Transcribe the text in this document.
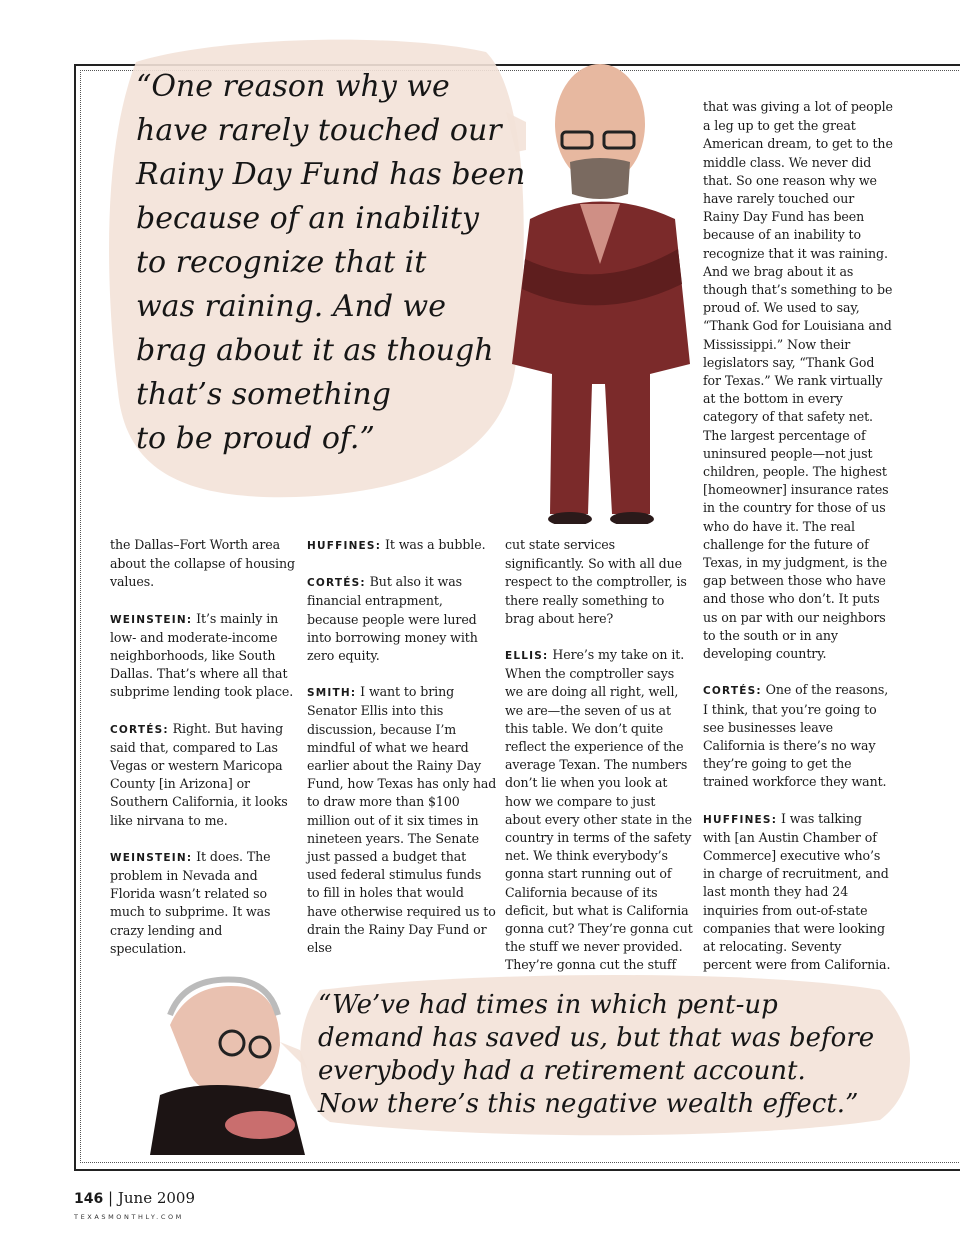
“One reason why we
have rarely touched our
Rainy Day Fund has been
because of an inability
to recognize that it
was raining. And we
brag about it as though
that’s something
to be proud of.”

the Dallas–Fort Worth area about the collapse of housing values.

WEINSTEIN: It’s mainly in low- and moderate-income neighborhoods, like South Dallas. That’s where all that subprime lending took place.

CORTÉS: Right. But having said that, compared to Las Vegas or western Maricopa County [in Arizona] or Southern California, it looks like nirvana to me.

WEINSTEIN: It does. The problem in Nevada and Florida wasn’t related so much to subprime. It was crazy lending and speculation.

HUFFINES: It was a bubble.

CORTÉS: But also it was financial entrapment, because people were lured into borrowing money with zero equity.

SMITH: I want to bring Senator Ellis into this discussion, because I’m mindful of what we heard earlier about the Rainy Day Fund, how Texas has only had to draw more than $100 million out of it six times in nineteen years. The Senate just passed a budget that used federal stimulus funds to fill in holes that would have otherwise required us to drain the Rainy Day Fund or else

cut state services significantly. So with all due respect to the comptroller, is there really something to brag about here?

ELLIS: Here’s my take on it. When the comptroller says we are doing all right, well, we are—the seven of us at this table. We don’t quite reflect the experience of the average Texan. The numbers don’t lie when you look at how we compare to just about every other state in the country in terms of the safety net. We think everybody’s gonna start running out of California because of its deficit, but what is California gonna cut? They’re gonna cut the stuff we never provided. They’re gonna cut the stuff

that was giving a lot of people a leg up to get the great American dream, to get to the middle class. We never did that. So one reason why we have rarely touched our Rainy Day Fund has been because of an inability to recognize that it was raining. And we brag about it as though that’s something to be proud of. We used to say, “Thank God for Louisiana and Mississippi.” Now their legislators say, “Thank God for Texas.” We rank virtually at the bottom in every category of that safety net. The largest percentage of uninsured people—not just children, people. The highest [homeowner] insurance rates in the country for those of us who do have it. The real challenge for the future of Texas, in my judgment, is the gap between those who have and those who don’t. It puts us on par with our neighbors to the south or in any developing country.

CORTÉS: One of the reasons, I think, that you’re going to see businesses leave California is there’s no way they’re going to get the trained workforce they want.

HUFFINES: I was talking with [an Austin Chamber of Commerce] executive who’s in charge of recruitment, and last month they had 24 inquiries from out-of-state companies that were looking at relocating. Seventy percent were from California.

“We’ve had times in which pent-up
demand has saved us, but that was before
everybody had a retirement account.
Now there’s this negative wealth effect.”
146 | June 2009
TEXASMONTHLY.COM
